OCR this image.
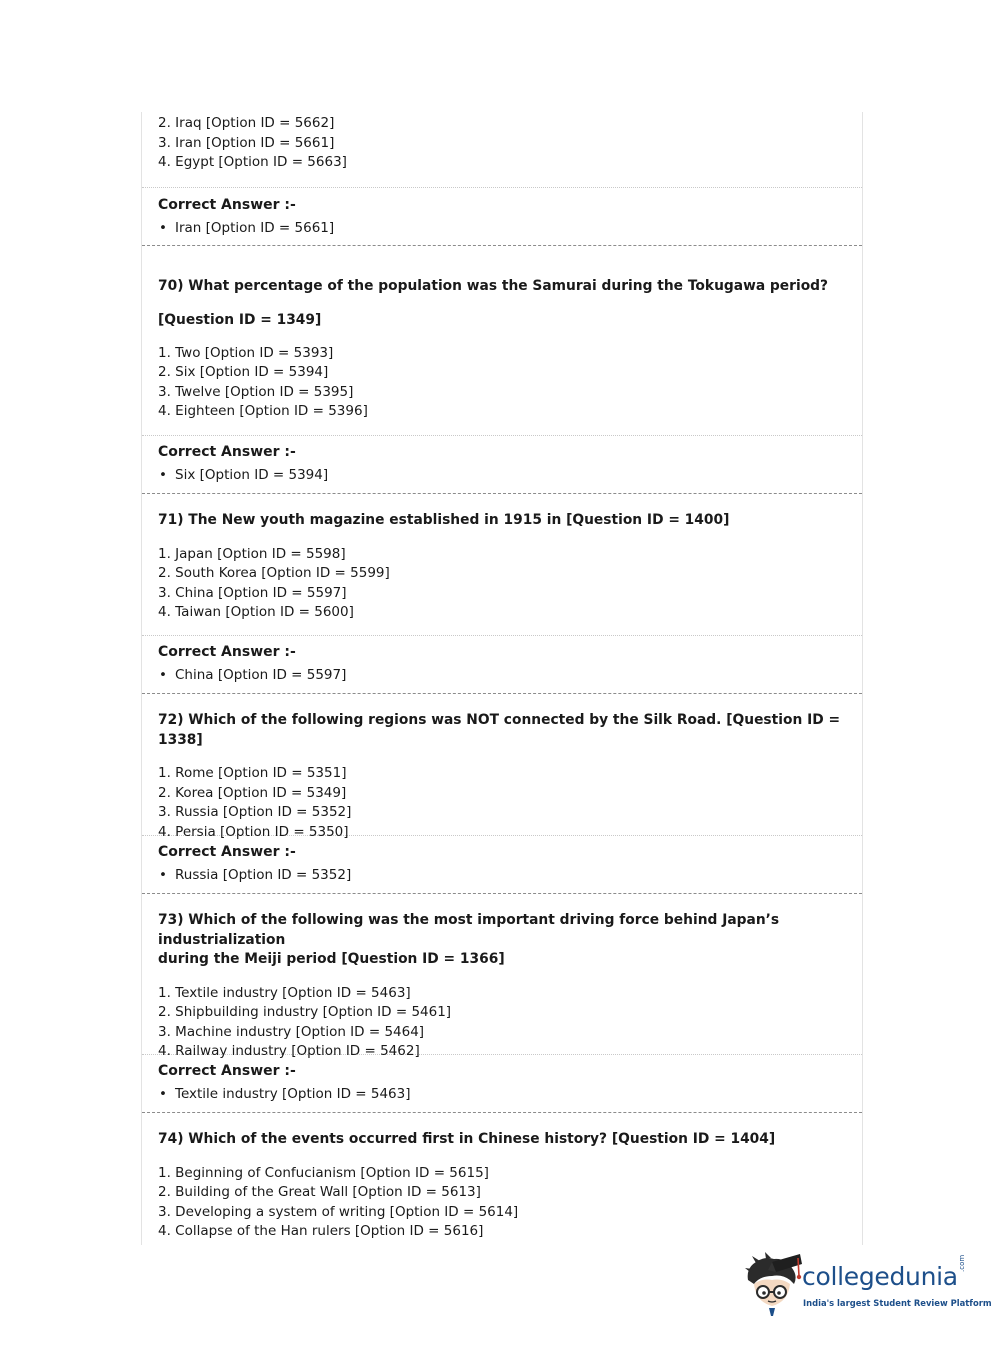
2. Iraq [Option ID = 5662]
3. Iran [Option ID = 5661]
4. Egypt [Option ID = 5663]

Correct Answer :-

• Iran [Option ID = 5661]

70) What percentage of the population was the Samurai during the Tokugawa period?

[Question ID = 1349]

1. Two [Option ID = 5393]
2. Six [Option ID = 5394]
3. Twelve [Option ID = 5395]
4. Eighteen [Option ID = 5396]

Correct Answer :-

• Six [Option ID = 5394]

71) The New youth magazine established in 1915 in [Question ID = 1400]

1. Japan [Option ID = 5598]
2. South Korea [Option ID = 5599]
3. China [Option ID = 5597]
4. Taiwan [Option ID = 5600]

Correct Answer :-

• China [Option ID = 5597]

72) Which of the following regions was NOT connected by the Silk Road. [Question ID = 1338]

1. Rome [Option ID = 5351]
2. Korea [Option ID = 5349]
3. Russia [Option ID = 5352]
4. Persia [Option ID = 5350]

Correct Answer :-

• Russia [Option ID = 5352]

73) Which of the following was the most important driving force behind Japan’s industrialization

during the Meiji period [Question ID = 1366]

1. Textile industry [Option ID = 5463]
2. Shipbuilding industry [Option ID = 5461]
3. Machine industry [Option ID = 5464]
4. Railway industry [Option ID = 5462]

Correct Answer :-

• Textile industry [Option ID = 5463]

74) Which of the events occurred first in Chinese history? [Question ID = 1404]

1. Beginning of Confucianism [Option ID = 5615]
2. Building of the Great Wall [Option ID = 5613]
3. Developing a system of writing [Option ID = 5614]
4. Collapse of the Han rulers [Option ID = 5616]
collegedunia .com
India's largest Student Review Platform
